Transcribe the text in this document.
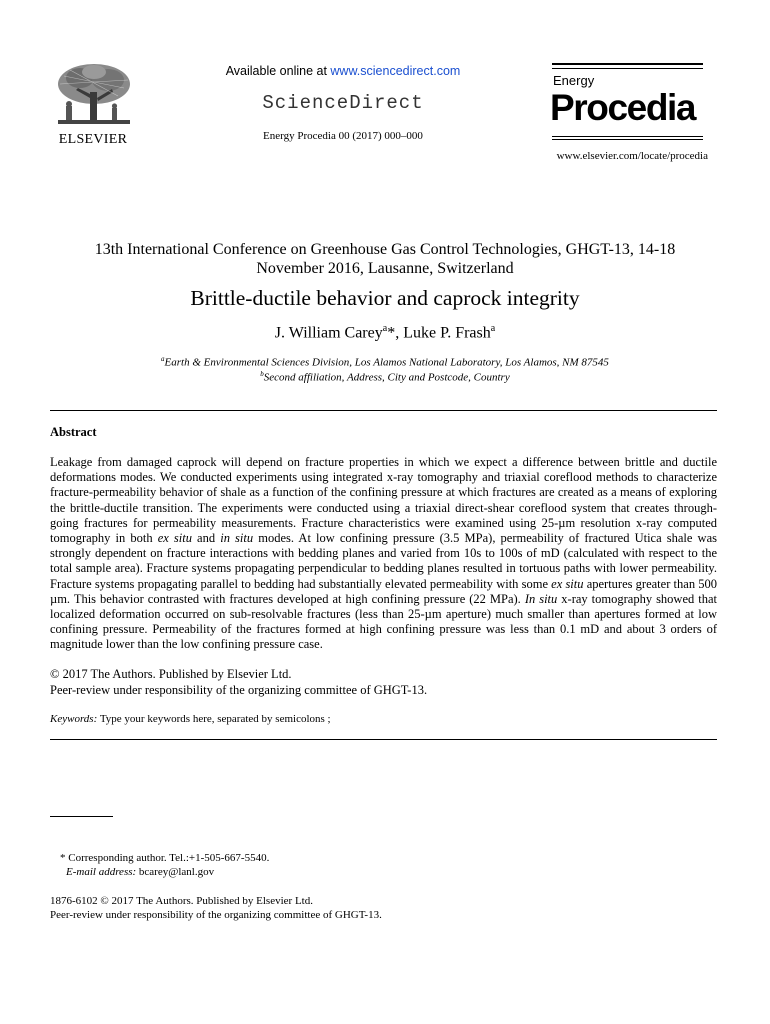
ELSEVIER
Available online at www.sciencedirect.com
ScienceDirect
Energy Procedia 00 (2017) 000–000
Energy
Procedia
www.elsevier.com/locate/procedia
13th International Conference on Greenhouse Gas Control Technologies, GHGT-13, 14-18
November 2016, Lausanne, Switzerland
Brittle-ductile behavior and caprock integrity
J. William Carey$^a$*, Luke P. Frash$^a$
$^a$Earth & Environmental Sciences Division, Los Alamos National Laboratory, Los Alamos, NM 87545
$^b$Second affiliation, Address, City and Postcode, Country
Abstract
Leakage from damaged caprock will depend on fracture properties in which we expect a difference between brittle and ductile deformations modes. We conducted experiments using integrated x-ray tomography and triaxial coreflood methods to characterize fracture-permeability behavior of shale as a function of the confining pressure at which fractures are created as a means of exploring the brittle-ductile transition. The experiments were conducted using a triaxial direct-shear coreflood system that creates through-going fractures for permeability measurements. Fracture characteristics were examined using 25-µm resolution x-ray computed tomography in both ex situ and in situ modes. At low confining pressure (3.5 MPa), permeability of fractured Utica shale was strongly dependent on fracture interactions with bedding planes and varied from 10s to 100s of mD (calculated with respect to the total sample area). Fracture systems propagating perpendicular to bedding planes resulted in tortuous paths with lower permeability. Fracture systems propagating parallel to bedding had substantially elevated permeability with some ex situ apertures greater than 500 µm. This behavior contrasted with fractures developed at high confining pressure (22 MPa). In situ x-ray tomography showed that localized deformation occurred on sub-resolvable fractures (less than 25-µm aperture) much smaller than apertures formed at low confining pressure. Permeability of the fractures formed at high confining pressure was less than 0.1 mD and about 3 orders of magnitude lower than the low confining pressure case.
© 2017 The Authors. Published by Elsevier Ltd.
Peer-review under responsibility of the organizing committee of GHGT-13.
Keywords: Type your keywords here, separated by semicolons ;
* Corresponding author. Tel.:+1-505-667-5540.
E-mail address: bcarey@lanl.gov
1876-6102 © 2017 The Authors. Published by Elsevier Ltd.
Peer-review under responsibility of the organizing committee of GHGT-13.
